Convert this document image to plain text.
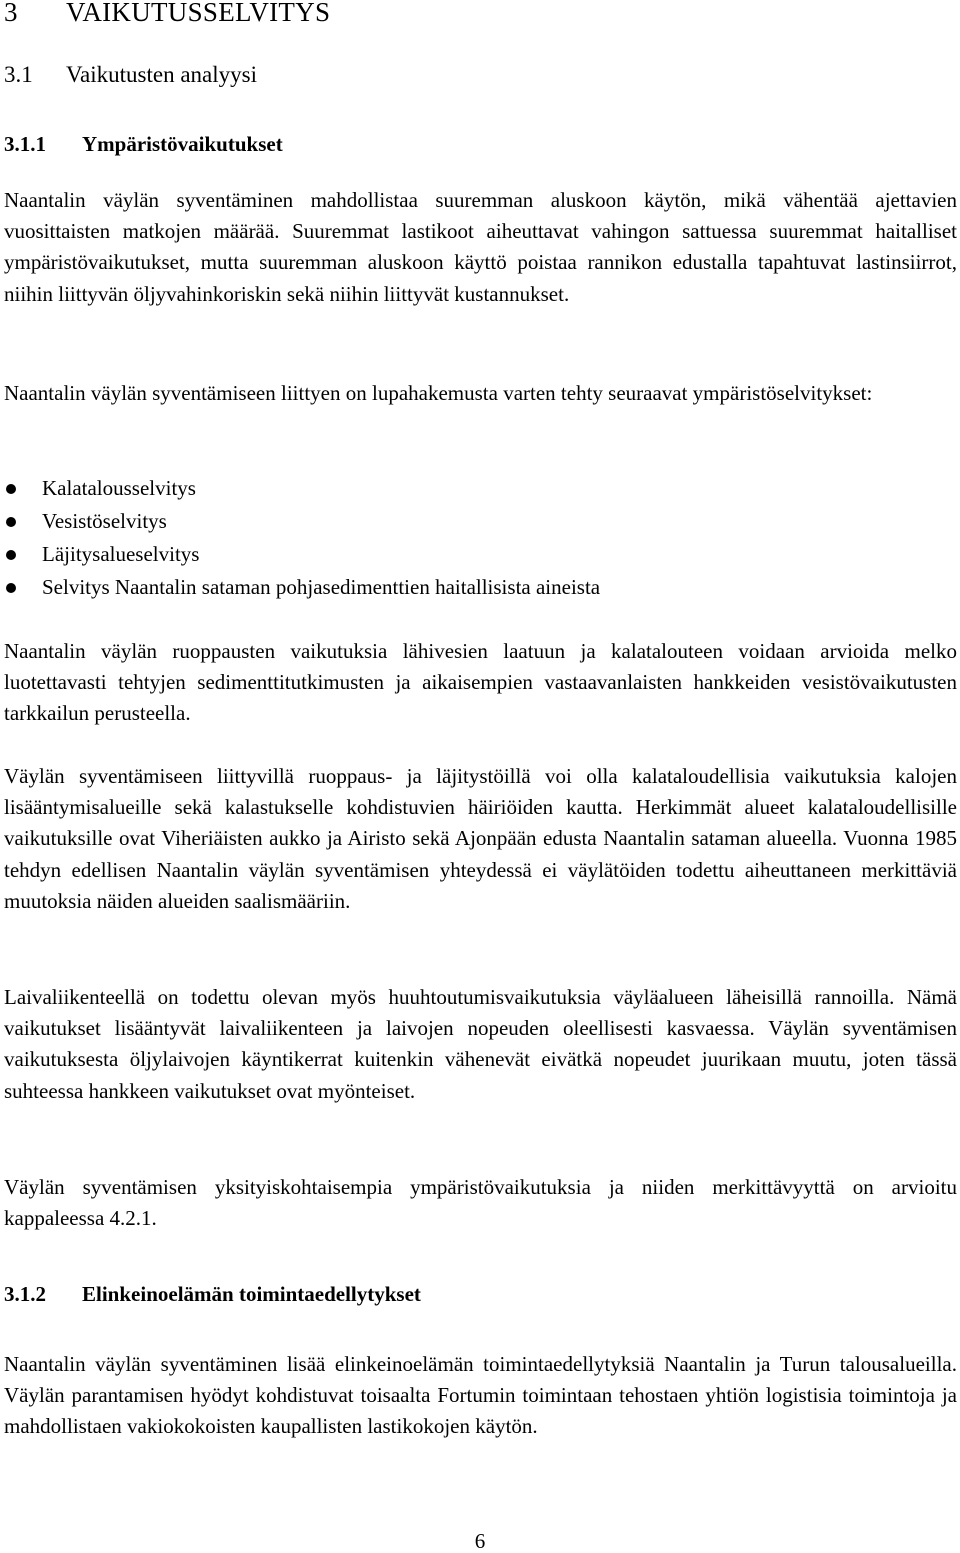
3 VAIKUTUSSELVITYS
3.1 Vaikutusten analyysi
3.1.1 Ympäristövaikutukset

Naantalin väylän syventäminen mahdollistaa suuremman aluskoon käytön, mikä vähentää ajettavien vuosittaisten matkojen määrää. Suuremmat lastikoot aiheuttavat vahingon sattuessa suuremmat haitalliset ympäristövaikutukset, mutta suuremman aluskoon käyttö poistaa rannikon edustalla tapahtuvat lastinsiirrot, niihin liittyvän öljyvahinkoriskin sekä niihin liittyvät kustannukset.

Naantalin väylän syventämiseen liittyen on lupahakemusta varten tehty seuraavat ympäristöselvitykset:

Kalatalousselvitys
Vesistöselvitys
Läjitysalueselvitys
Selvitys Naantalin sataman pohjasedimenttien haitallisista aineista

Naantalin väylän ruoppausten vaikutuksia lähivesien laatuun ja kalatalouteen voidaan arvioida melko luotettavasti tehtyjen sedimenttitutkimusten ja aikaisempien vastaavanlaisten hankkeiden vesistövaikutusten tarkkailun perusteella.

Väylän syventämiseen liittyvillä ruoppaus- ja läjitystöillä voi olla kalataloudellisia vaikutuksia kalojen lisääntymisalueille sekä kalastukselle kohdistuvien häiriöiden kautta. Herkimmät alueet kalataloudellisille vaikutuksille ovat Viheriäisten aukko ja Airisto sekä Ajonpään edusta Naantalin sataman alueella. Vuonna 1985 tehdyn edellisen Naantalin väylän syventämisen yhteydessä ei väylätöiden todettu aiheuttaneen merkittäviä muutoksia näiden alueiden saalismääriin.

Laivaliikenteellä on todettu olevan myös huuhtoutumisvaikutuksia väyläalueen läheisillä rannoilla. Nämä vaikutukset lisääntyvät laivaliikenteen ja laivojen nopeuden oleellisesti kasvaessa. Väylän syventämisen vaikutuksesta öljylaivojen käyntikerrat kuitenkin vähenevät eivätkä nopeudet juurikaan muutu, joten tässä suhteessa hankkeen vaikutukset ovat myönteiset.

Väylän syventämisen yksityiskohtaisempia ympäristövaikutuksia ja niiden merkittävyyttä on arvioitu kappaleessa 4.2.1.

3.1.2 Elinkeinoelämän toimintaedellytykset

Naantalin väylän syventäminen lisää elinkeinoelämän toimintaedellytyksiä Naantalin ja Turun talousalueilla. Väylän parantamisen hyödyt kohdistuvat toisaalta Fortumin toimintaan tehostaen yhtiön logistisia toimintoja ja mahdollistaen vakiokokoisten kaupallisten lastikokojen käytön.

6
